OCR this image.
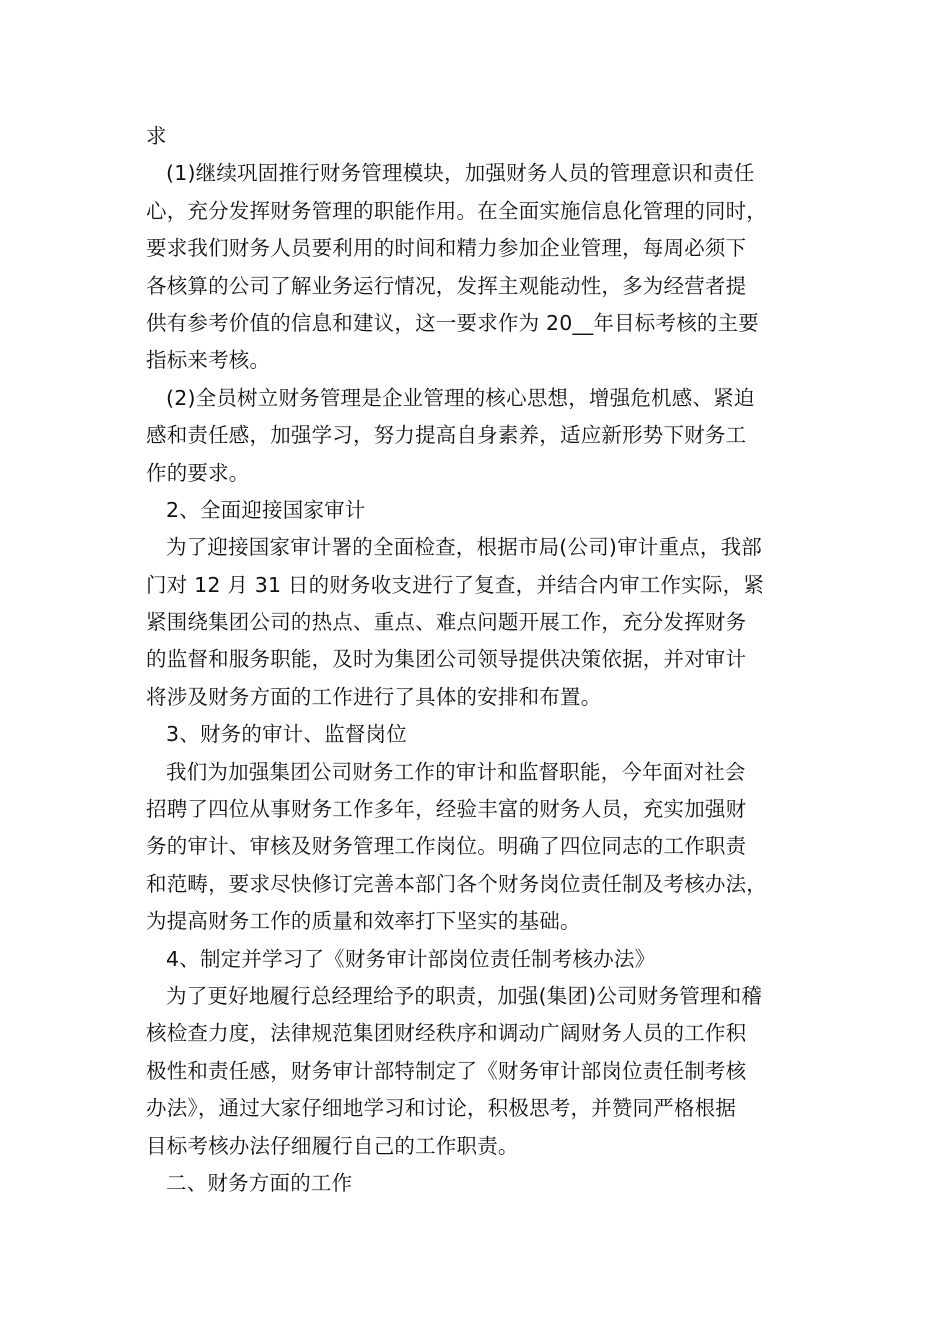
求
(1)继续巩固推行财务管理模块，加强财务人员的管理意识和责任
心，充分发挥财务管理的职能作用。在全面实施信息化管理的同时，
要求我们财务人员要利用的时间和精力参加企业管理，每周必须下
各核算的公司了解业务运行情况，发挥主观能动性，多为经营者提
供有参考价值的信息和建议，这一要求作为 20__年目标考核的主要
指标来考核。
(2)全员树立财务管理是企业管理的核心思想，增强危机感、紧迫
感和责任感，加强学习，努力提高自身素养，适应新形势下财务工
作的要求。
2、全面迎接国家审计
为了迎接国家审计署的全面检查，根据市局(公司)审计重点，我部
门对 12 月 31 日的财务收支进行了复查，并结合内审工作实际，紧
紧围绕集团公司的热点、重点、难点问题开展工作，充分发挥财务
的监督和服务职能，及时为集团公司领导提供决策依据，并对审计
将涉及财务方面的工作进行了具体的安排和布置。
3、财务的审计、监督岗位
我们为加强集团公司财务工作的审计和监督职能，今年面对社会
招聘了四位从事财务工作多年，经验丰富的财务人员，充实加强财
务的审计、审核及财务管理工作岗位。明确了四位同志的工作职责
和范畴，要求尽快修订完善本部门各个财务岗位责任制及考核办法，
为提高财务工作的质量和效率打下坚实的基础。
4、制定并学习了《财务审计部岗位责任制考核办法》
为了更好地履行总经理给予的职责，加强(集团)公司财务管理和稽
核检查力度，法律规范集团财经秩序和调动广阔财务人员的工作积
极性和责任感，财务审计部特制定了《财务审计部岗位责任制考核
办法》，通过大家仔细地学习和讨论，积极思考，并赞同严格根据
目标考核办法仔细履行自己的工作职责。
二、财务方面的工作
